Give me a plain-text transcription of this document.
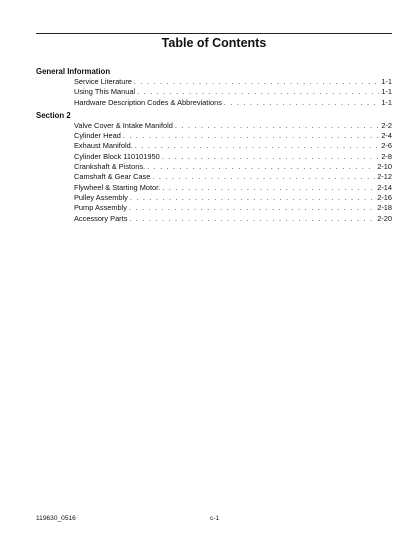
Table of Contents
General Information
Service Literature . . .	1-1
Using This Manual . . .	1-1
Hardware Description Codes & Abbreviations . . .	1-1
Section 2
Valve Cover & Intake Manifold . . .	2-2
Cylinder Head . . .	2-4
Exhaust Manifold. . . .	2-6
Cylinder Block 110101950 . . .	2-8
Crankshaft & Pistons. . . .	2-10
Camshaft & Gear Case . . .	2-12
Flywheel & Starting Motor. . . .	2-14
Pulley Assembly . . .	2-16
Pump Assembly . . .	2-18
Accessory Parts . . .	2-20
119630_0516	c-1
